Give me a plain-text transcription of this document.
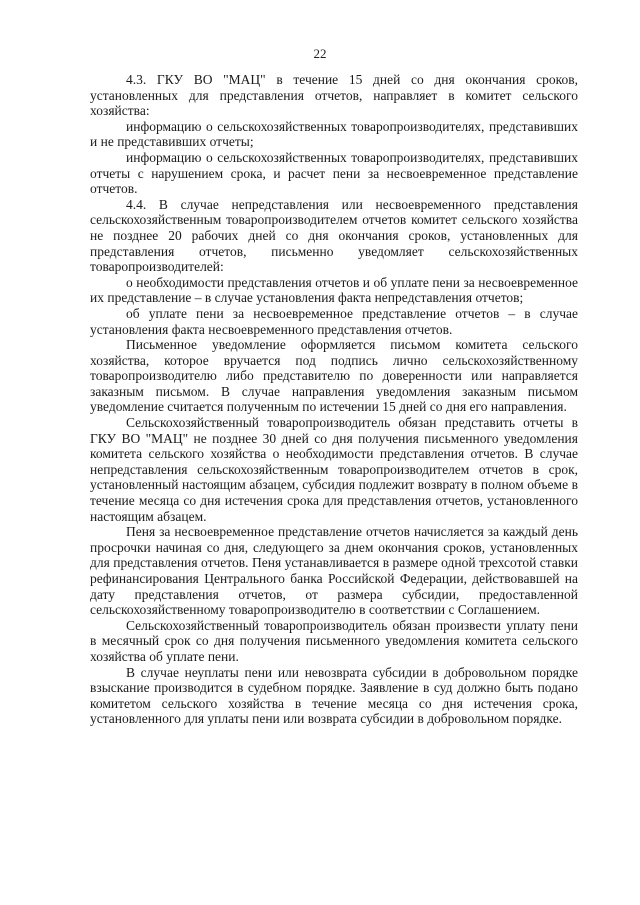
22

4.3. ГКУ ВО "МАЦ" в течение 15 дней со дня окончания сроков, установленных для представления отчетов, направляет в комитет сельского хозяйства:

информацию о сельскохозяйственных товаропроизводителях, представивших и не представивших отчеты;

информацию о сельскохозяйственных товаропроизводителях, представивших отчеты с нарушением срока, и расчет пени за несвоевременное представление отчетов.

4.4. В случае непредставления или несвоевременного представления сельскохозяйственным товаропроизводителем отчетов комитет сельского хозяйства не позднее 20 рабочих дней со дня окончания сроков, установленных для представления отчетов, письменно уведомляет сельскохозяйственных товаропроизводителей:

о необходимости представления отчетов и об уплате пени за несвоевременное их представление – в случае установления факта непредставления отчетов;

об уплате пени за несвоевременное представление отчетов – в случае установления факта несвоевременного представления отчетов.

Письменное уведомление оформляется письмом комитета сельского хозяйства, которое вручается под подпись лично сельскохозяйственному товаропроизводителю либо представителю по доверенности или направляется заказным письмом. В случае направления уведомления заказным письмом уведомление считается полученным по истечении 15 дней со дня его направления.

Сельскохозяйственный товаропроизводитель обязан представить отчеты в ГКУ ВО "МАЦ" не позднее 30 дней со дня получения письменного уведомления комитета сельского хозяйства о необходимости представления отчетов. В случае непредставления сельскохозяйственным товаропроизводителем отчетов в срок, установленный настоящим абзацем, субсидия подлежит возврату в полном объеме в течение месяца со дня истечения срока для представления отчетов, установленного настоящим абзацем.

Пеня за несвоевременное представление отчетов начисляется за каждый день просрочки начиная со дня, следующего за днем окончания сроков, установленных для представления отчетов. Пеня устанавливается в размере одной трехсотой ставки рефинансирования Центрального банка Российской Федерации, действовавшей на дату представления отчетов, от размера субсидии, предоставленной сельскохозяйственному товаропроизводителю в соответствии с Соглашением.

Сельскохозяйственный товаропроизводитель обязан произвести уплату пени в месячный срок со дня получения письменного уведомления комитета сельского хозяйства об уплате пени.

В случае неуплаты пени или невозврата субсидии в добровольном порядке взыскание производится в судебном порядке. Заявление в суд должно быть подано комитетом сельского хозяйства в течение месяца со дня истечения срока, установленного для уплаты пени или возврата субсидии в добровольном порядке.
